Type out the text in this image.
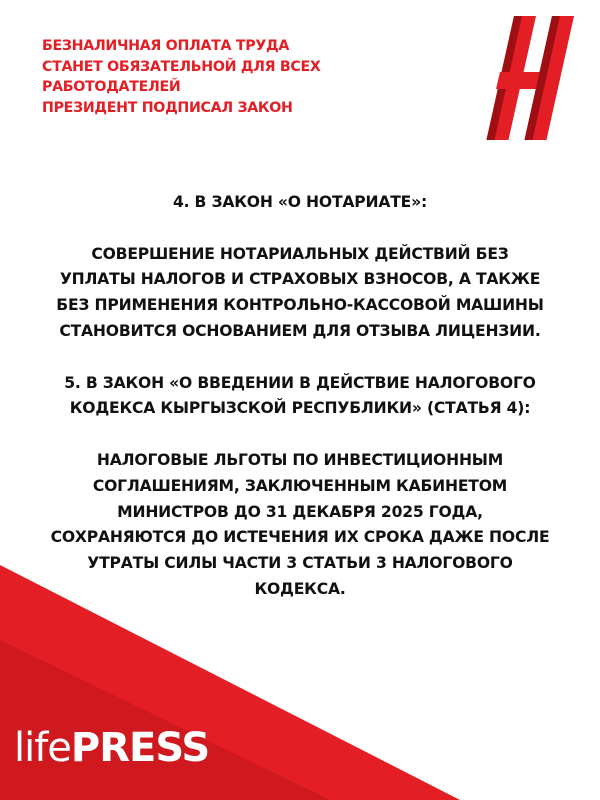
БЕЗНАЛИЧНАЯ ОПЛАТА ТРУДА
СТАНЕТ ОБЯЗАТЕЛЬНОЙ ДЛЯ ВСЕХ
РАБОТОДАТЕЛЕЙ
ПРЕЗИДЕНТ ПОДПИСАЛ ЗАКОН
4. В ЗАКОН «О НОТАРИАТЕ»:
СОВЕРШЕНИЕ НОТАРИАЛЬНЫХ ДЕЙСТВИЙ БЕЗ
УПЛАТЫ НАЛОГОВ И СТРАХОВЫХ ВЗНОСОВ, А ТАКЖЕ
БЕЗ ПРИМЕНЕНИЯ КОНТРОЛЬНО-КАССОВОЙ МАШИНЫ
СТАНОВИТСЯ ОСНОВАНИЕМ ДЛЯ ОТЗЫВА ЛИЦЕНЗИИ.
5. В ЗАКОН «О ВВЕДЕНИИ В ДЕЙСТВИЕ НАЛОГОВОГО
КОДЕКСА КЫРГЫЗСКОЙ РЕСПУБЛИКИ» (СТАТЬЯ 4):
НАЛОГОВЫЕ ЛЬГОТЫ ПО ИНВЕСТИЦИОННЫМ
СОГЛАШЕНИЯМ, ЗАКЛЮЧЕННЫМ КАБИНЕТОМ
МИНИСТРОВ ДО 31 ДЕКАБРЯ 2025 ГОДА,
СОХРАНЯЮТСЯ ДО ИСТЕЧЕНИЯ ИХ СРОКА ДАЖЕ ПОСЛЕ
УТРАТЫ СИЛЫ ЧАСТИ 3 СТАТЬИ 3 НАЛОГОВОГО
КОДЕКСА.
lifePRESS
